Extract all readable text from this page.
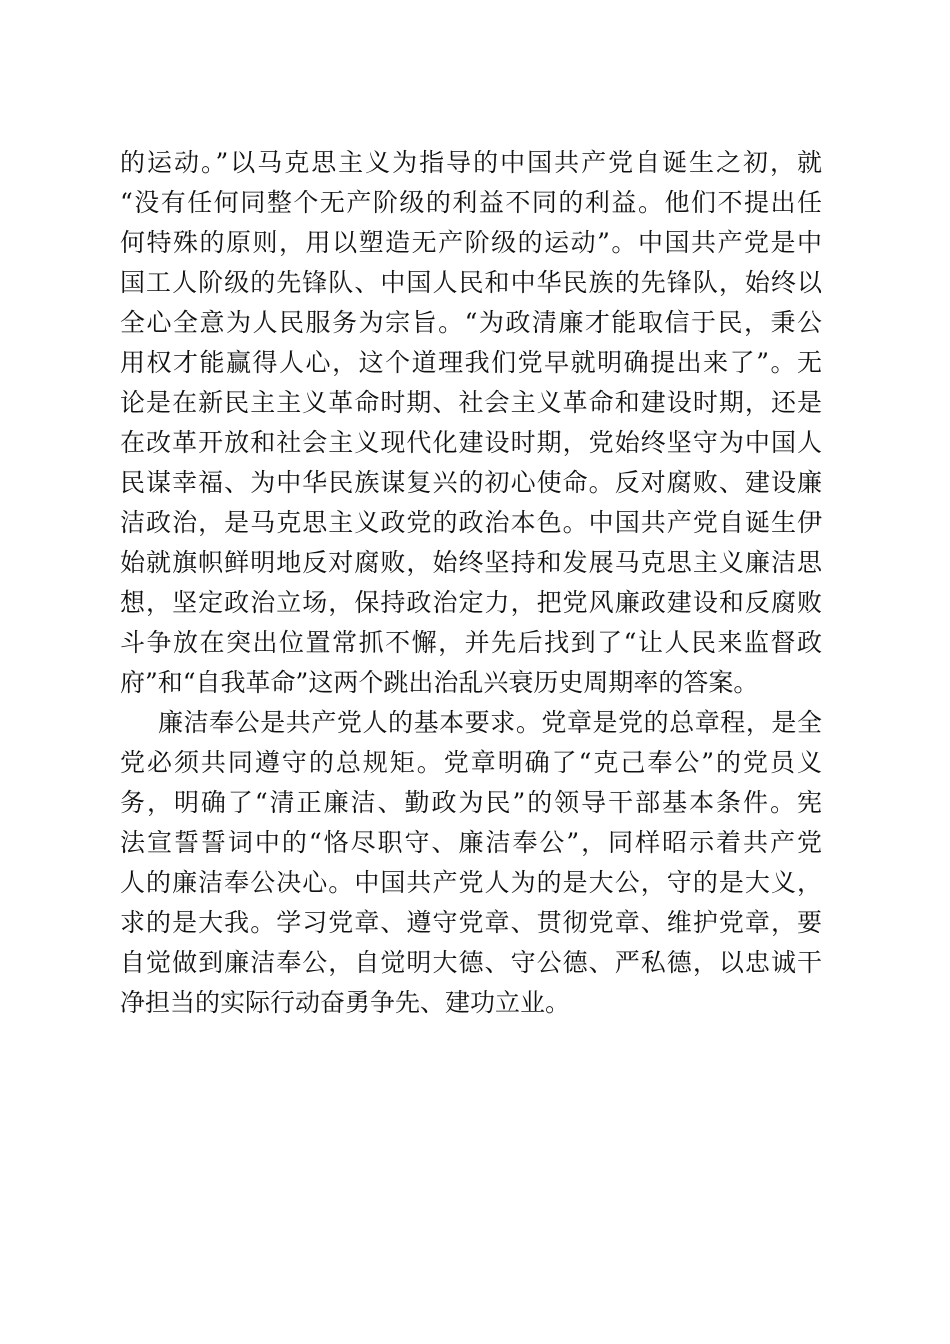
的运动。”以马克思主义为指导的中国共产党自诞生之初，就
“没有任何同整个无产阶级的利益不同的利益。他们不提出任
何特殊的原则，用以塑造无产阶级的运动”。中国共产党是中
国工人阶级的先锋队、中国人民和中华民族的先锋队，始终以
全心全意为人民服务为宗旨。“为政清廉才能取信于民，秉公
用权才能赢得人心，这个道理我们党早就明确提出来了”。无
论是在新民主主义革命时期、社会主义革命和建设时期，还是
在改革开放和社会主义现代化建设时期，党始终坚守为中国人
民谋幸福、为中华民族谋复兴的初心使命。反对腐败、建设廉
洁政治，是马克思主义政党的政治本色。中国共产党自诞生伊
始就旗帜鲜明地反对腐败，始终坚持和发展马克思主义廉洁思
想，坚定政治立场，保持政治定力，把党风廉政建设和反腐败
斗争放在突出位置常抓不懈，并先后找到了“让人民来监督政
府”和“自我革命”这两个跳出治乱兴衰历史周期率的答案。
廉洁奉公是共产党人的基本要求。党章是党的总章程，是全
党必须共同遵守的总规矩。党章明确了“克己奉公”的党员义
务，明确了“清正廉洁、勤政为民”的领导干部基本条件。宪
法宣誓誓词中的“恪尽职守、廉洁奉公”，同样昭示着共产党
人的廉洁奉公决心。中国共产党人为的是大公，守的是大义，
求的是大我。学习党章、遵守党章、贯彻党章、维护党章，要
自觉做到廉洁奉公，自觉明大德、守公德、严私德，以忠诚干
净担当的实际行动奋勇争先、建功立业。
